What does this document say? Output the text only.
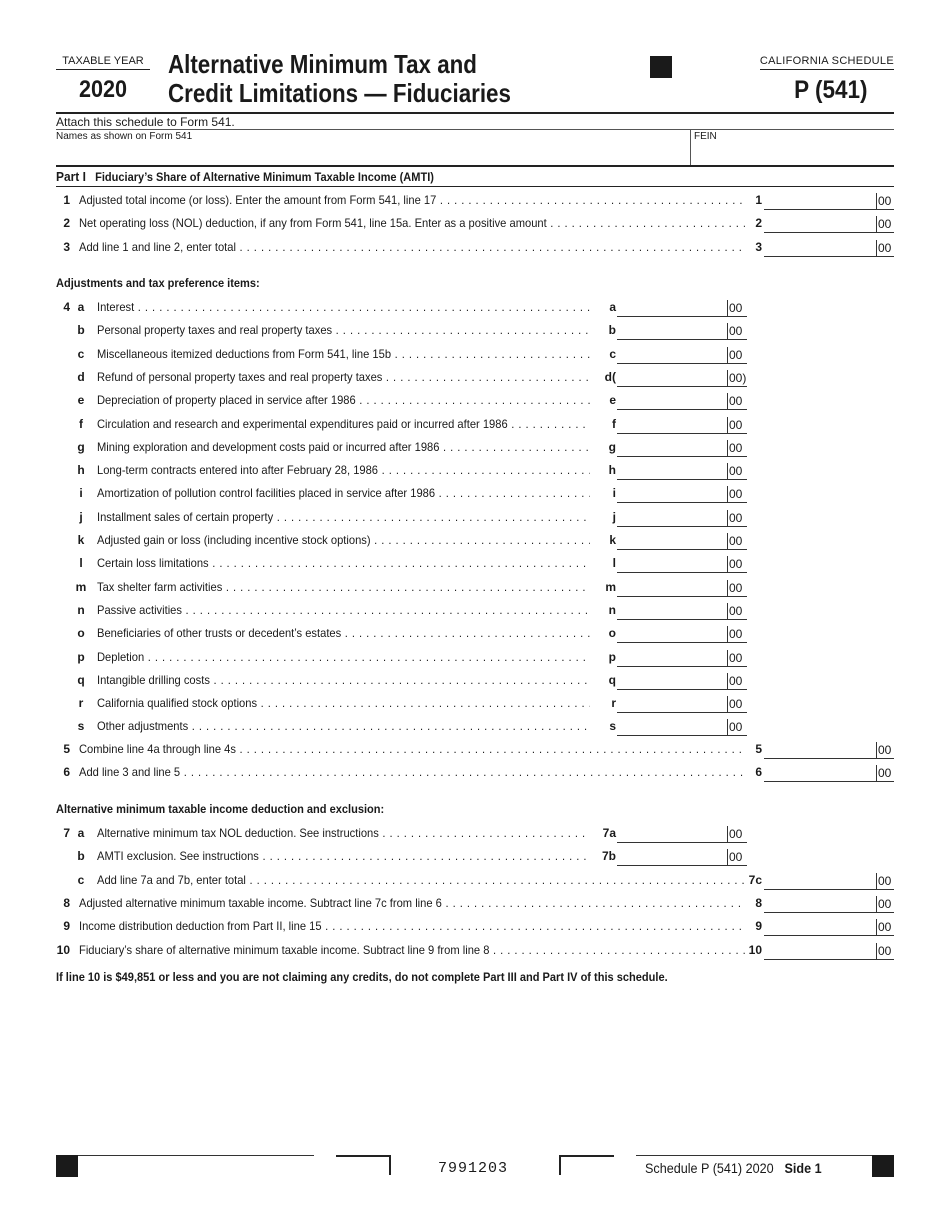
TAXABLE YEAR
2020
Alternative Minimum Tax and
Credit Limitations — Fiduciaries
CALIFORNIA SCHEDULE
P (541)
Attach this schedule to Form 541.
Names as shown on Form 541	FEIN
Part I Fiduciary’s Share of Alternative Minimum Taxable Income (AMTI)
1 Adjusted total income (or loss). Enter the amount from Form 541, line 17 . . .	1	00
2 Net operating loss (NOL) deduction, if any from Form 541, line 15a. Enter as a positive amount . . .	2	00
3 Add line 1 and line 2, enter total . . .	3	00
Adjustments and tax preference items:
4 a	Interest . . .	a	00
b Personal property taxes and real property taxes . . .	b	00
c	Miscellaneous itemized deductions from Form 541, line 15b . . .	c	00
d Refund of personal property taxes and real property taxes . . .	d(	00)
e	Depreciation of property placed in service after 1986 . . .	e	00
f	Circulation and research and experimental expenditures paid or incurred after 1986 . . .	f	00
g Mining exploration and development costs paid or incurred after 1986 . . .	g	00
h Long-term contracts entered into after February 28, 1986 . . .	h	00
i	Amortization of pollution control facilities placed in service after 1986 . . .	i	00
j	Installment sales of certain property . . .	j	00
k	Adjusted gain or loss (including incentive stock options) . . .	k	00
l	Certain loss limitations . . .	l	00
m Tax shelter farm activities . . .	m	00
n Passive activities . . .	n	00
o Beneficiaries of other trusts or decedent’s estates . . .	o	00
p Depletion . . .	p	00
q Intangible drilling costs . . .	q	00
r	California qualified stock options . . .	r	00
s	Other adjustments . . .	s	00
5 Combine line 4a through line 4s . . .	5	00
6 Add line 3 and line 5 . . .	6	00
Alternative minimum taxable income deduction and exclusion:
7 a	Alternative minimum tax NOL deduction. See instructions . . .	7a	00
b AMTI exclusion. See instructions . . .	7b	00
c	Add line 7a and 7b, enter total . . .	7c	00
8 Adjusted alternative minimum taxable income. Subtract line 7c from line 6 . . .	8	00
9 Income distribution deduction from Part II, line 15 . . .	9	00
10 Fiduciary’s share of alternative minimum taxable income. Subtract line 9 from line 8 . . .	10	00
If line 10 is $49,851 or less and you are not claiming any credits, do not complete Part III and Part IV of this schedule.
7991203	Schedule P (541) 2020 Side 1
